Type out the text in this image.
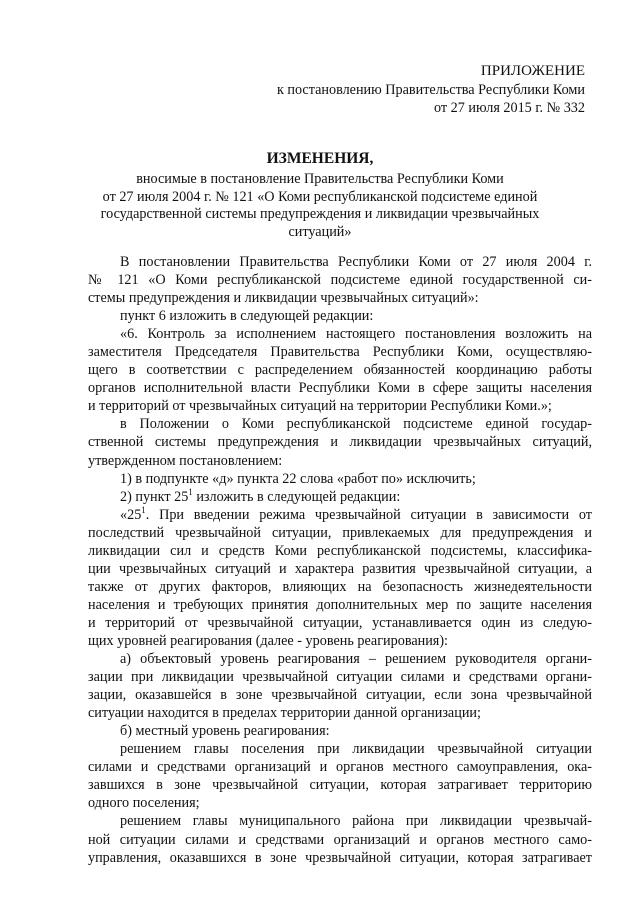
ПРИЛОЖЕНИЕ
к постановлению Правительства Республики Коми
от 27 июля 2015 г. № 332
ИЗМЕНЕНИЯ,
вносимые в постановление Правительства Республики Коми
от 27 июля 2004 г. № 121 «О Коми республиканской подсистеме единой
государственной системы предупреждения и ликвидации чрезвычайных
ситуаций»
В постановлении Правительства Республики Коми от 27 июля 2004 г.
№ 121 «О Коми республиканской подсистеме единой государственной си-
стемы предупреждения и ликвидации чрезвычайных ситуаций»:
пункт 6 изложить в следующей редакции:
«6. Контроль за исполнением настоящего постановления возложить на
заместителя Председателя Правительства Республики Коми, осуществляю-
щего в соответствии с распределением обязанностей координацию работы
органов исполнительной власти Республики Коми в сфере защиты населения
и территорий от чрезвычайных ситуаций на территории Республики Коми.»;
в Положении о Коми республиканской подсистеме единой государ-
ственной системы предупреждения и ликвидации чрезвычайных ситуаций,
утвержденном постановлением:
1) в подпункте «д» пункта 22 слова «работ по» исключить;
2) пункт $25^1$ изложить в следующей редакции:
«$25^1$. При введении режима чрезвычайной ситуации в зависимости от
последствий чрезвычайной ситуации, привлекаемых для предупреждения и
ликвидации сил и средств Коми республиканской подсистемы, классифика-
ции чрезвычайных ситуаций и характера развития чрезвычайной ситуации, а
также от других факторов, влияющих на безопасность жизнедеятельности
населения и требующих принятия дополнительных мер по защите населения
и территорий от чрезвычайной ситуации, устанавливается один из следую-
щих уровней реагирования (далее - уровень реагирования):
а) объектовый уровень реагирования – решением руководителя органи-
зации при ликвидации чрезвычайной ситуации силами и средствами органи-
зации, оказавшейся в зоне чрезвычайной ситуации, если зона чрезвычайной
ситуации находится в пределах территории данной организации;
б) местный уровень реагирования:
решением главы поселения при ликвидации чрезвычайной ситуации
силами и средствами организаций и органов местного самоуправления, ока-
завшихся в зоне чрезвычайной ситуации, которая затрагивает территорию
одного поселения;
решением главы муниципального района при ликвидации чрезвычай-
ной ситуации силами и средствами организаций и органов местного само-
управления, оказавшихся в зоне чрезвычайной ситуации, которая затрагивает
